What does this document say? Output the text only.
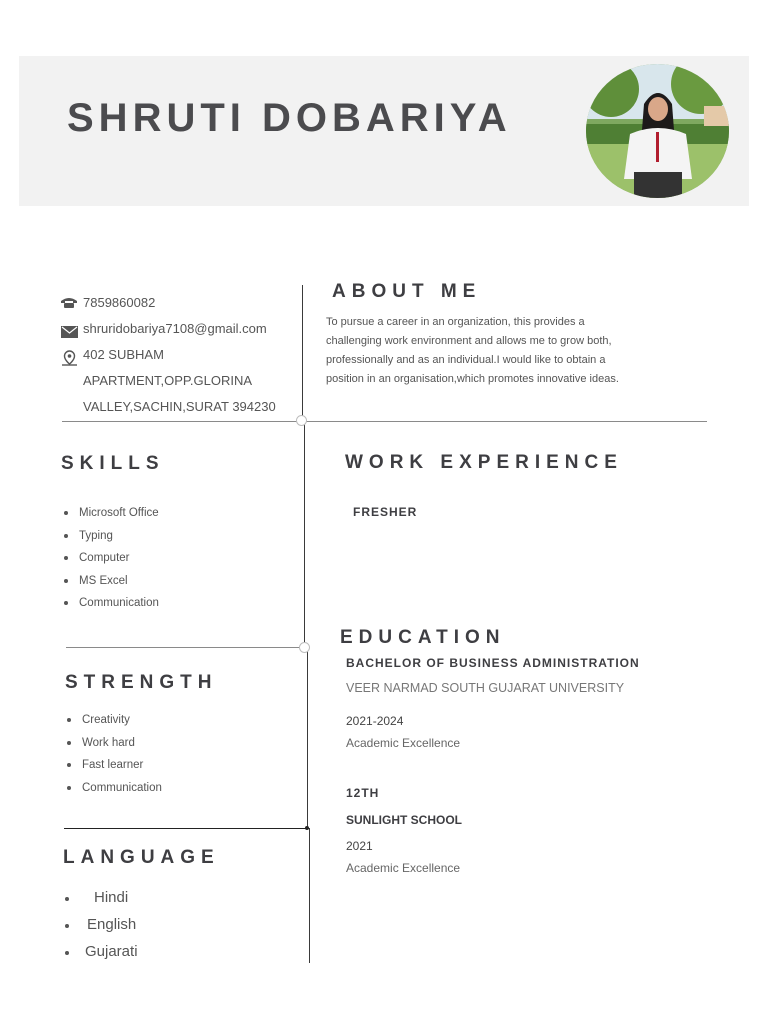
SHRUTI DOBARIYA
7859860082
shruridobariya7108@gmail.com
402 SUBHAM
APARTMENT,OPP.GLORINA
VALLEY,SACHIN,SURAT 394230
ABOUT ME
To pursue a career in an organization, this provides a challenging work environment and allows me to grow both, professionally and as an individual.I would like to obtain a position in an organisation,which promotes innovative ideas.
SKILLS
Microsoft Office
Typing
Computer
MS Excel
Communication
STRENGTH
Creativity
Work hard
Fast learner
Communication
LANGUAGE
Hindi
English
Gujarati
WORK EXPERIENCE
FRESHER
EDUCATION
BACHELOR OF BUSINESS ADMINISTRATION
VEER NARMAD SOUTH GUJARAT UNIVERSITY
2021-2024
Academic Excellence
12TH
SUNLIGHT SCHOOL
2021
Academic Excellence
